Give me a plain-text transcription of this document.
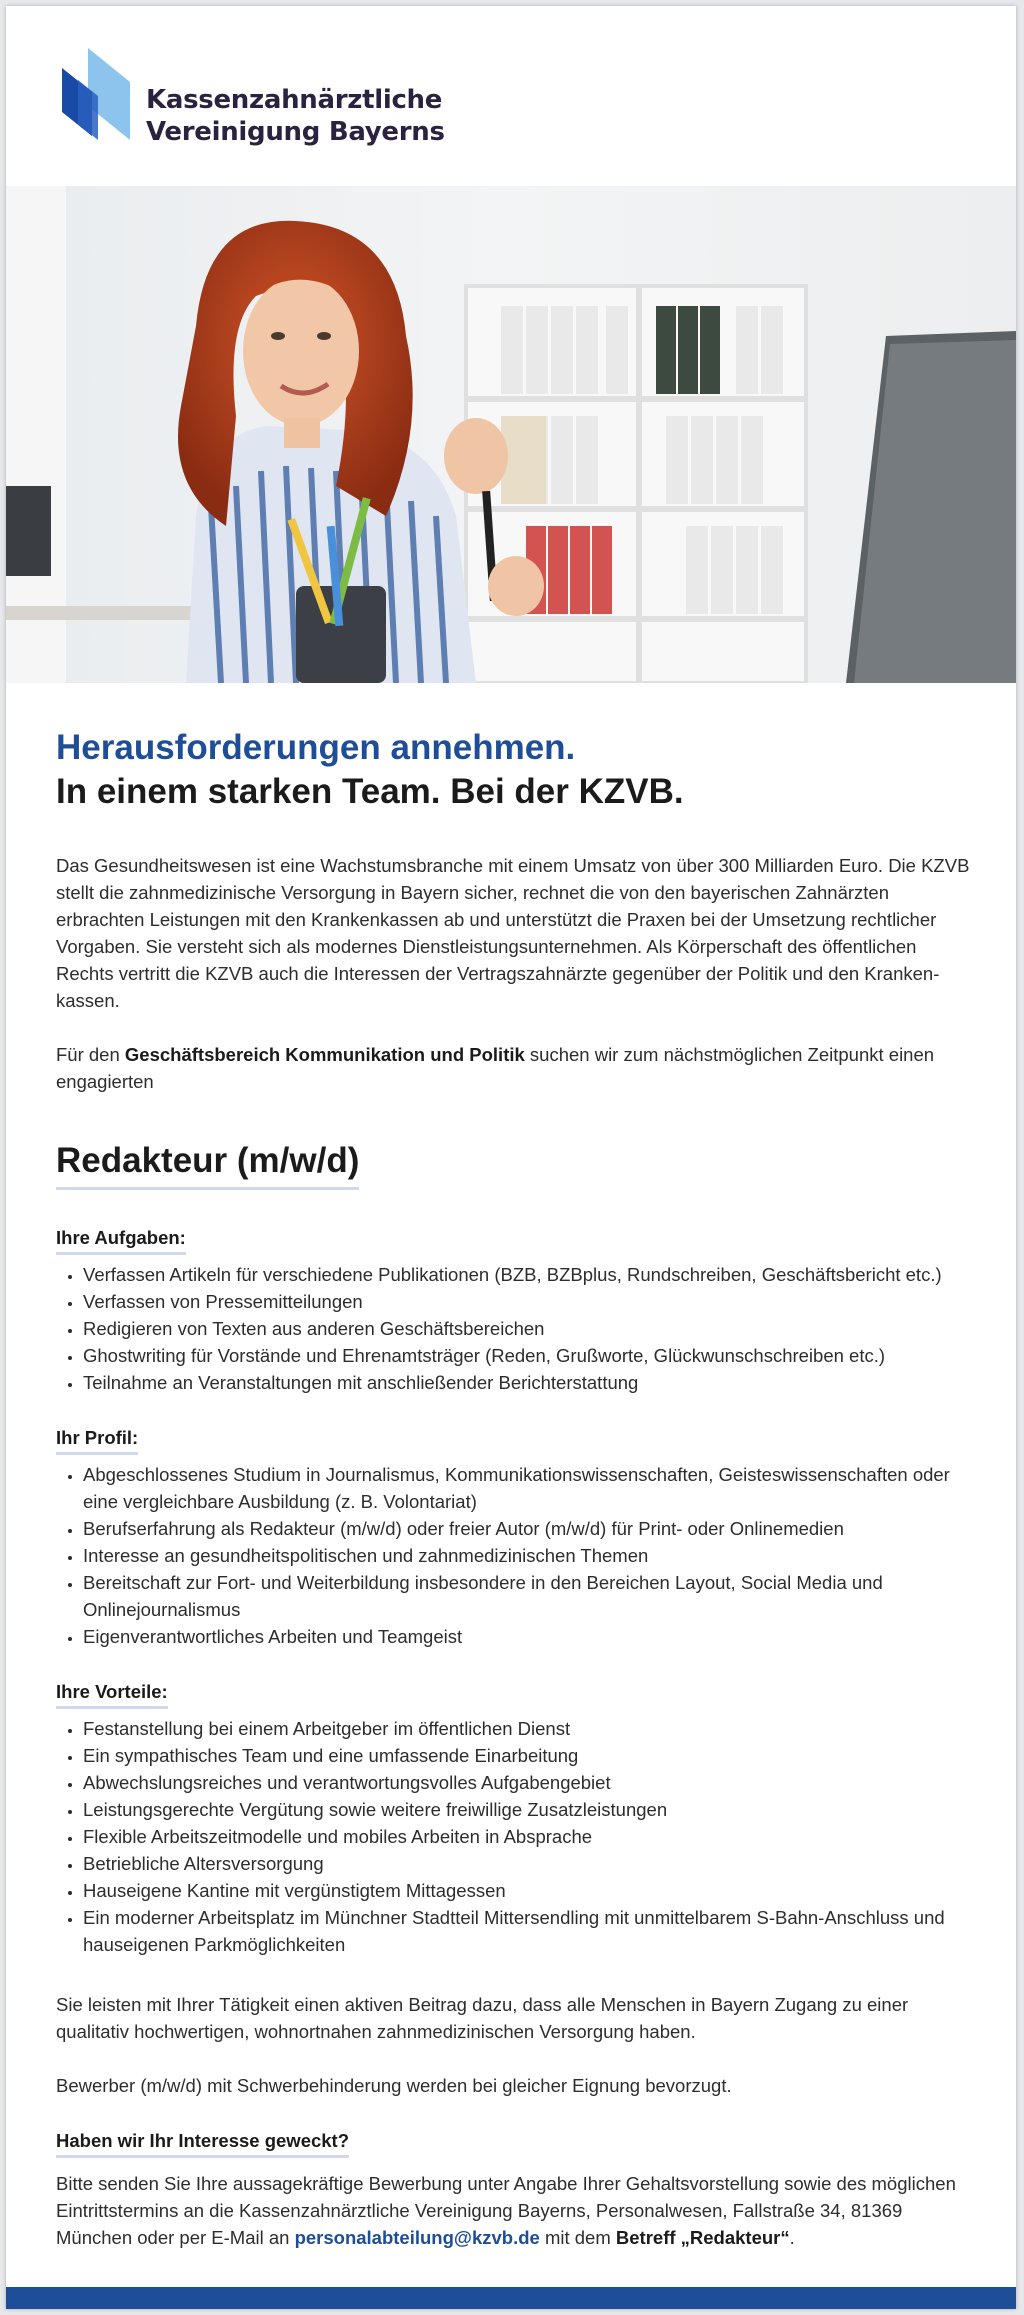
Kassenzahnärztliche
Vereinigung Bayerns
Herausforderungen annehmen.
In einem starken Team. Bei der KZVB.

Das Gesundheitswesen ist eine Wachstumsbranche mit einem Umsatz von über 300 Milliarden Euro. Die KZVB stellt die zahnmedizinische Versorgung in Bayern sicher, rechnet die von den bayerischen Zahnärzten erbrachten Leistungen mit den Krankenkassen ab und unterstützt die Praxen bei der Umsetzung rechtlicher Vorgaben. Sie versteht sich als modernes Dienstleistungsunternehmen. Als Körperschaft des öffentlichen Rechts vertritt die KZVB auch die Interessen der Vertragszahnärzte gegenüber der Politik und den Krankenkassen.

Für den Geschäftsbereich Kommunikation und Politik suchen wir zum nächstmöglichen Zeitpunkt einen engagierten

Redakteur (m/w/d)
Ihre Aufgaben:
• Verfassen Artikeln für verschiedene Publikationen (BZB, BZBplus, Rundschreiben, Geschäftsbericht etc.)
• Verfassen von Pressemitteilungen
• Redigieren von Texten aus anderen Geschäftsbereichen
• Ghostwriting für Vorstände und Ehrenamtsträger (Reden, Grußworte, Glückwunschschreiben etc.)
• Teilnahme an Veranstaltungen mit anschließender Berichterstattung
Ihr Profil:
• Abgeschlossenes Studium in Journalismus, Kommunikationswissenschaften, Geisteswissenschaften oder eine vergleichbare Ausbildung (z. B. Volontariat)
• Berufserfahrung als Redakteur (m/w/d) oder freier Autor (m/w/d) für Print- oder Onlinemedien
• Interesse an gesundheitspolitischen und zahnmedizinischen Themen
• Bereitschaft zur Fort- und Weiterbildung insbesondere in den Bereichen Layout, Social Media und Onlinejournalismus
• Eigenverantwortliches Arbeiten und Teamgeist
Ihre Vorteile:
• Festanstellung bei einem Arbeitgeber im öffentlichen Dienst
• Ein sympathisches Team und eine umfassende Einarbeitung
• Abwechslungsreiches und verantwortungsvolles Aufgabengebiet
• Leistungsgerechte Vergütung sowie weitere freiwillige Zusatzleistungen
• Flexible Arbeitszeitmodelle und mobiles Arbeiten in Absprache
• Betriebliche Altersversorgung
• Hauseigene Kantine mit vergünstigtem Mittagessen
• Ein moderner Arbeitsplatz im Münchner Stadtteil Mittersendling mit unmittelbarem S-Bahn-Anschluss und hauseigenen Parkmöglichkeiten

Sie leisten mit Ihrer Tätigkeit einen aktiven Beitrag dazu, dass alle Menschen in Bayern Zugang zu einer qualitativ hochwertigen, wohnortnahen zahnmedizinischen Versorgung haben.

Bewerber (m/w/d) mit Schwerbehinderung werden bei gleicher Eignung bevorzugt.

Haben wir Ihr Interesse geweckt?

Bitte senden Sie Ihre aussagekräftige Bewerbung unter Angabe Ihrer Gehaltsvorstellung sowie des möglichen Eintrittstermins an die Kassenzahnärztliche Vereinigung Bayerns, Personalwesen, Fallstraße 34, 81369 München oder per E-Mail an personalabteilung@kzvb.de mit dem Betreff „Redakteur“.
